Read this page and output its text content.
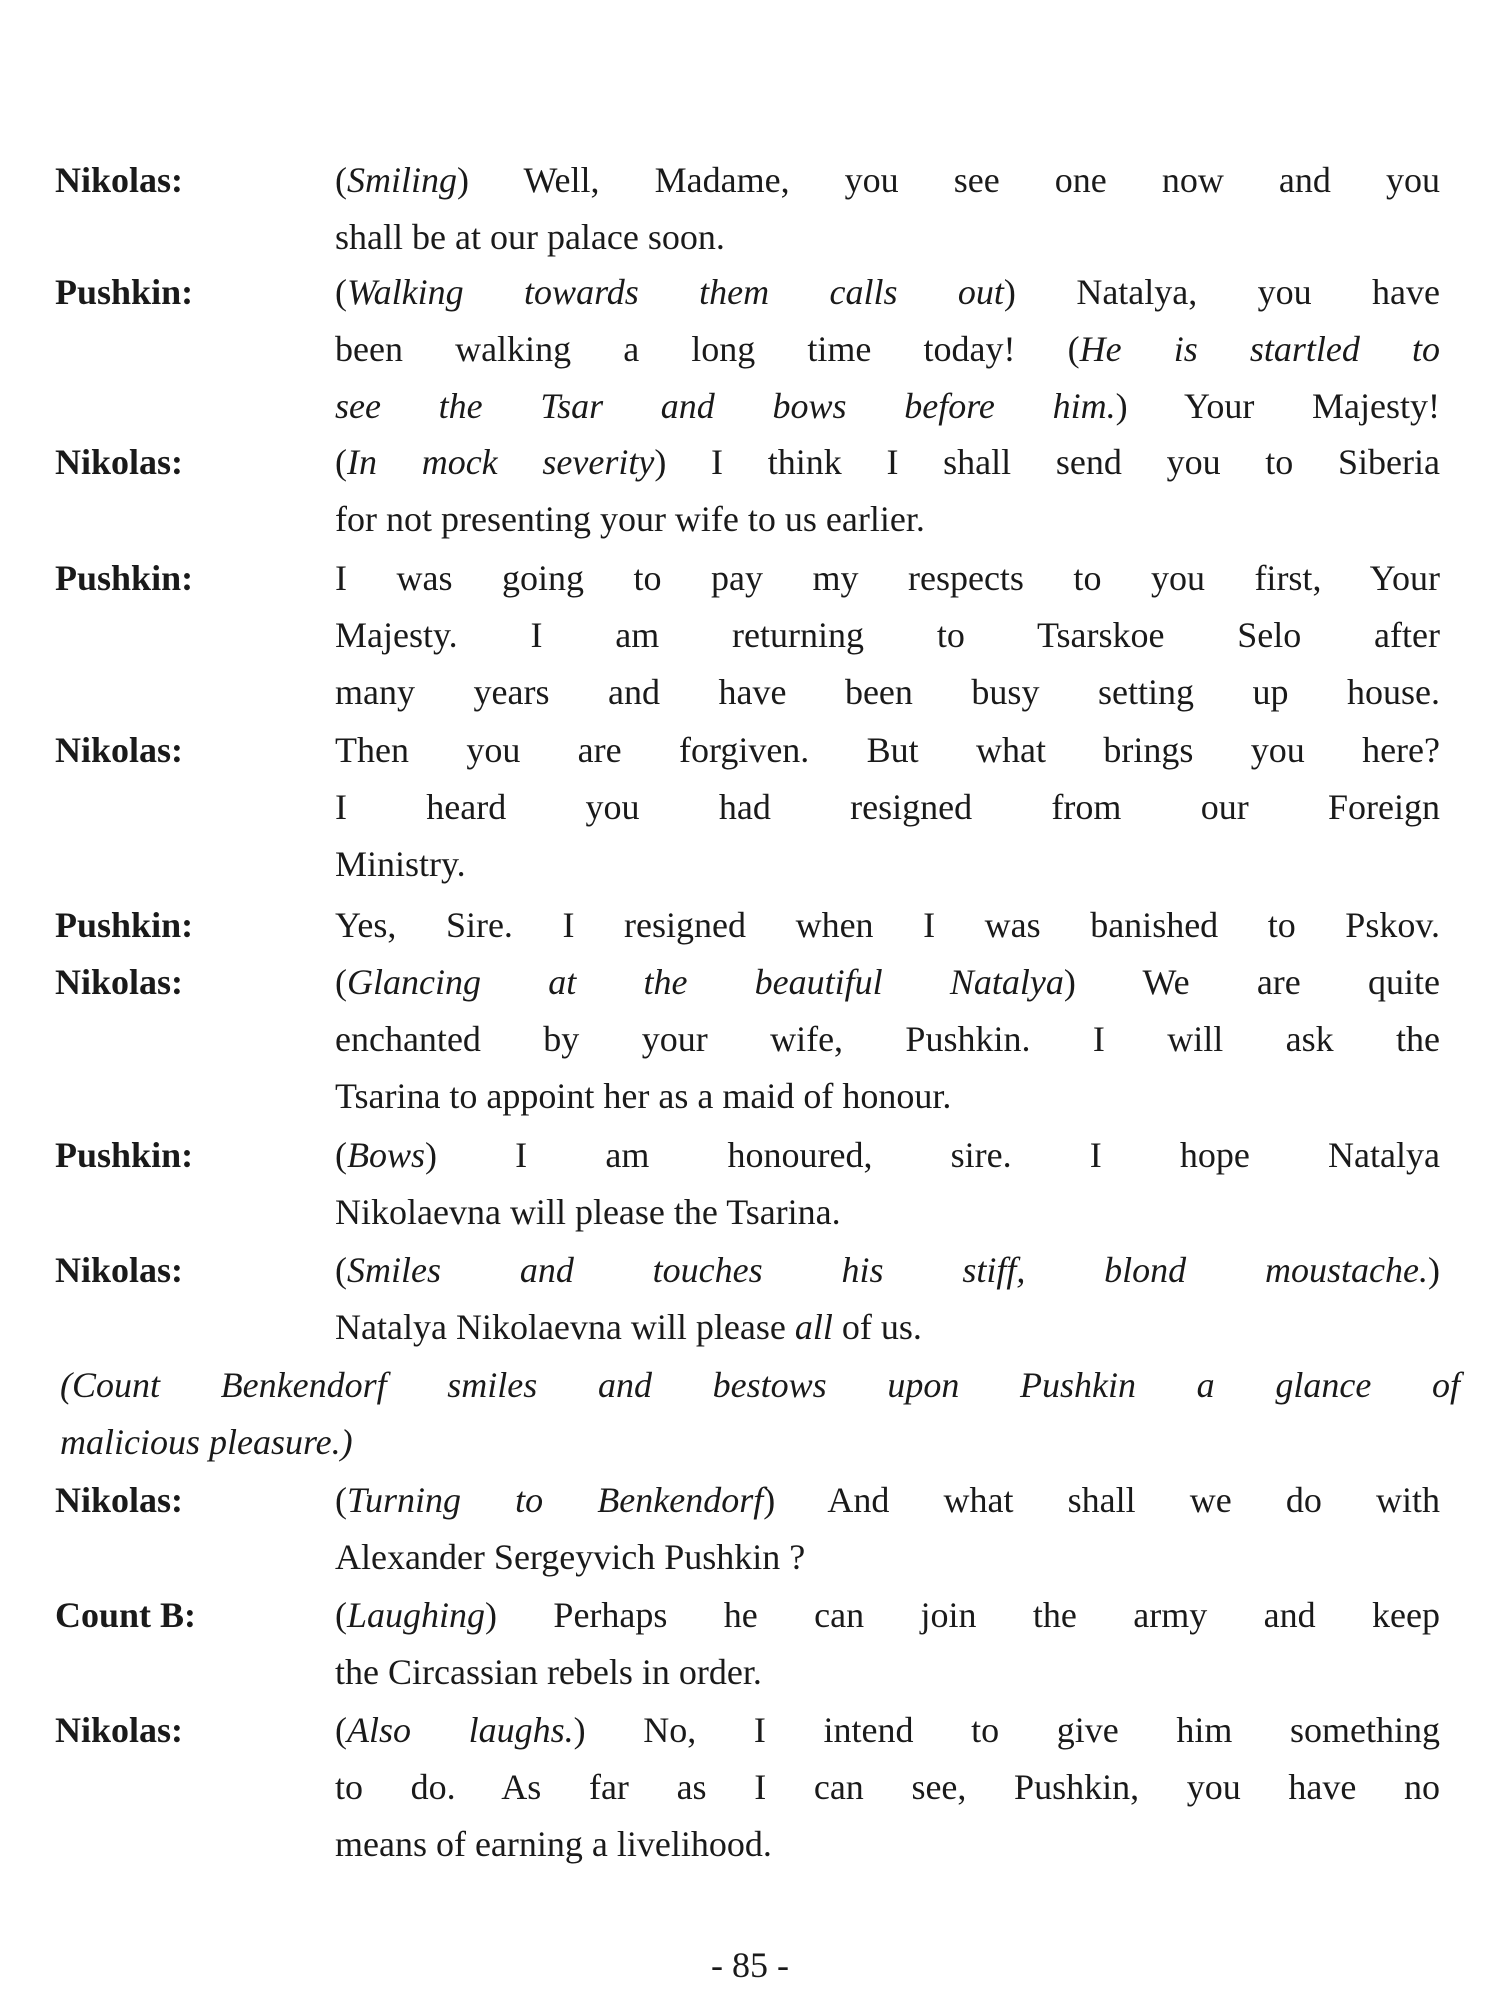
Nikolas:	(Smiling) Well, Madame, you see one now and you
shall be at our palace soon.
Pushkin:	(Walking towards them calls out) Natalya, you have
been walking a long time today! (He is startled to
see the Tsar and bows before him.) Your Majesty!
Nikolas:	(In mock severity) I think I shall send you to Siberia
for not presenting your wife to us earlier.
Pushkin:	I was going to pay my respects to you first, Your
Majesty. I am returning to Tsarskoe Selo after
many years and have been busy setting up house.
Nikolas:	Then you are forgiven. But what brings you here?
I heard you had resigned from our Foreign
Ministry.
Pushkin:	Yes, Sire. I resigned when I was banished to Pskov.
Nikolas:	(Glancing at the beautiful Natalya) We are quite
enchanted by your wife, Pushkin. I will ask the
Tsarina to appoint her as a maid of honour.
Pushkin:	(Bows) I am honoured, sire. I hope Natalya
Nikolaevna will please the Tsarina.
Nikolas:	(Smiles and touches his stiff, blond moustache.)
Natalya Nikolaevna will please all of us.
(Count Benkendorf smiles and bestows upon Pushkin a glance of
malicious pleasure.)
Nikolas:	(Turning to Benkendorf) And what shall we do with
Alexander Sergeyvich Pushkin ?
Count B:	(Laughing) Perhaps he can join the army and keep
the Circassian rebels in order.
Nikolas:	(Also laughs.) No, I intend to give him something
to do. As far as I can see, Pushkin, you have no
means of earning a livelihood.
- 85 -
